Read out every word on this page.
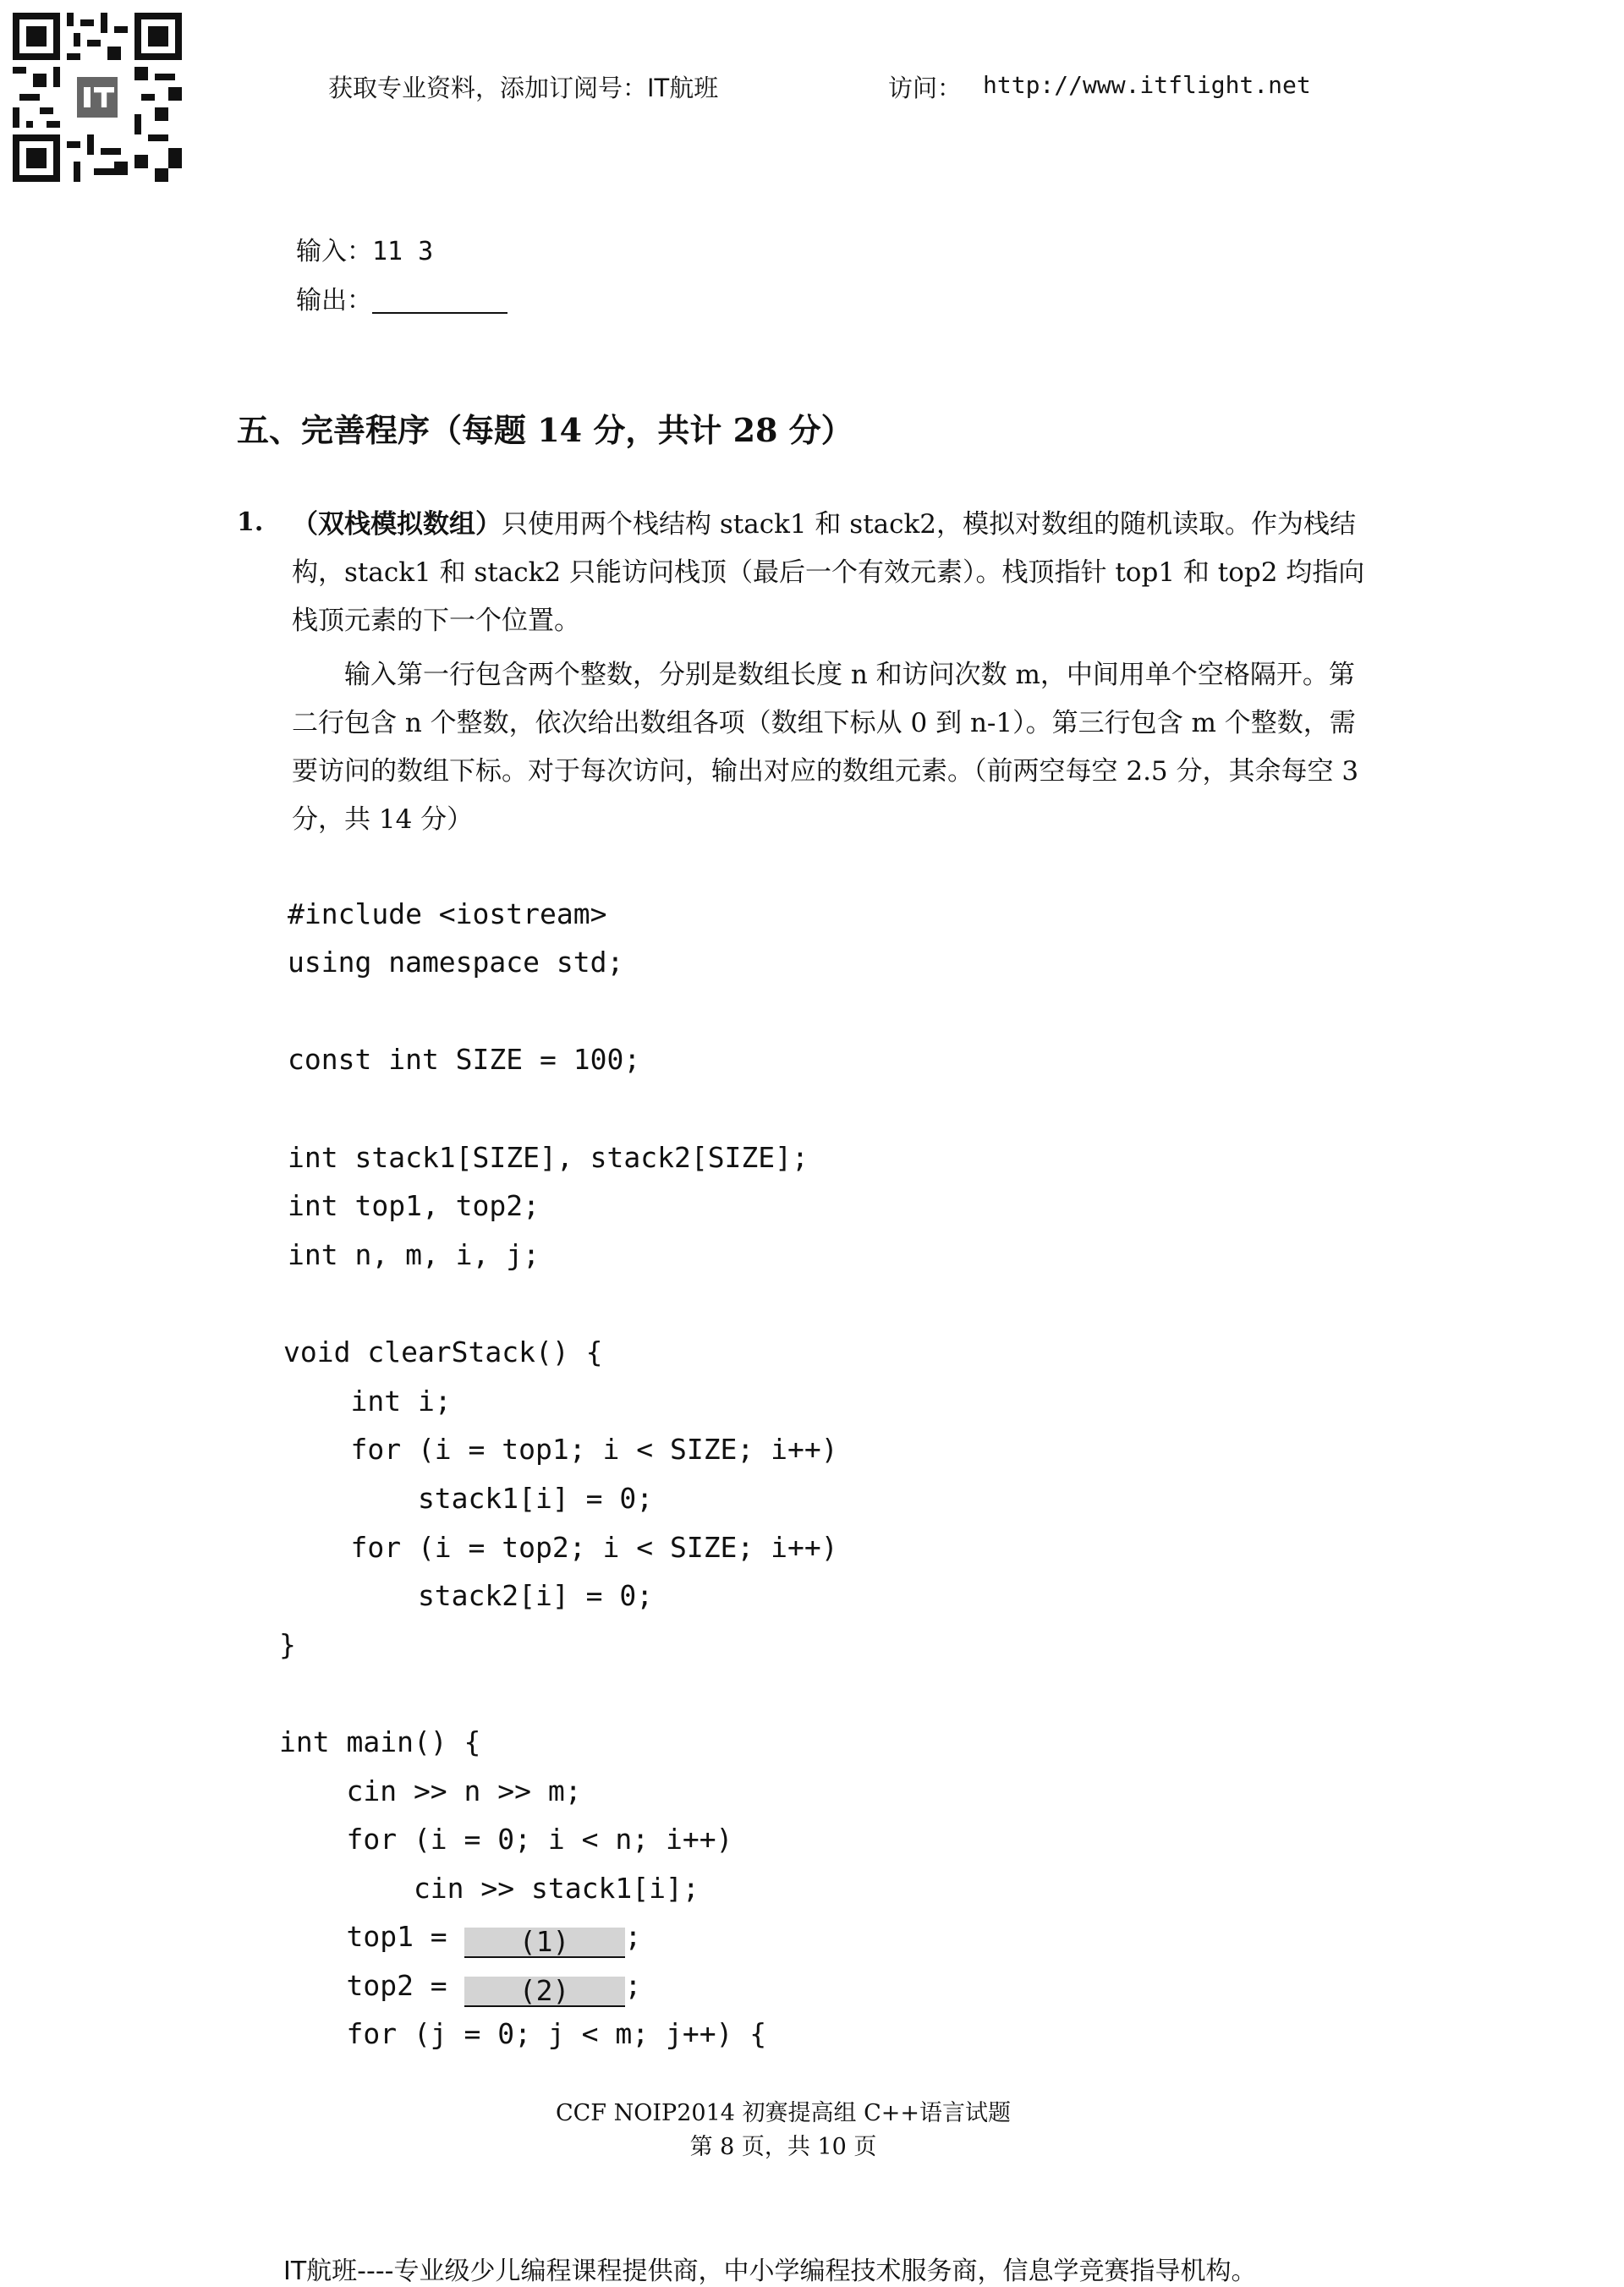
获取专业资料，添加订阅号：IT航班	访问： http://www.itflight.net
输入：11 3
输出：
五、完善程序（每题 14 分，共计 28 分）
1. （双栈模拟数组）只使用两个栈结构 stack1 和 stack2，模拟对数组的随机读取。作为栈结构，stack1 和 stack2 只能访问栈顶（最后一个有效元素）。栈顶指针 top1 和 top2 均指向栈顶元素的下一个位置。
输入第一行包含两个整数，分别是数组长度 n 和访问次数 m，中间用单个空格隔开。第二行包含 n 个整数，依次给出数组各项（数组下标从 0 到 n-1）。第三行包含 m 个整数，需要访问的数组下标。对于每次访问，输出对应的数组元素。（前两空每空 2.5 分，其余每空 3 分，共 14 分）
#include <iostream>
using namespace std;
const int SIZE = 100;
int stack1[SIZE], stack2[SIZE];
int top1, top2;
int n, m, i, j;
void clearStack() {
int i;
for (i = top1; i < SIZE; i++)
stack1[i] = 0;
for (i = top2; i < SIZE; i++)
stack2[i] = 0;
}
int main() {
cin >> n >> m;
for (i = 0; i < n; i++)
cin >> stack1[i];
top1 = (1) ;
top2 = (2) ;
for (j = 0; j < m; j++) {
CCF NOIP2014 初赛提高组 C++语言试题
第 8 页，共 10 页
IT航班----专业级少儿编程课程提供商，中小学编程技术服务商，信息学竞赛指导机构。
